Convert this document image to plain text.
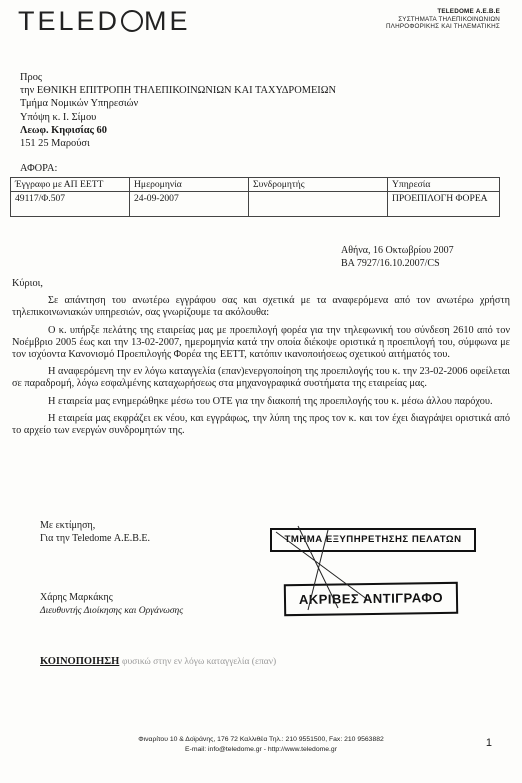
TELED ME	TELEDOME Α.Ε.Β.Ε
ΣΥΣΤΗΜΑΤΑ ΤΗΛΕΠΙΚΟΙΝΩΝΙΩΝ
ΠΛΗΡΟΦΟΡΙΚΗΣ ΚΑΙ ΤΗΛΕΜΑΤΙΚΗΣ
Προς
την ΕΘΝΙΚΗ ΕΠΙΤΡΟΠΗ ΤΗΛΕΠΙΚΟΙΝΩΝΙΩΝ ΚΑΙ ΤΑΧΥΔΡΟΜΕΙΩΝ
Τμήμα Νομικών Υπηρεσιών
Υπόψη κ. Ι. Σίμου
Λεωφ. Κηφισίας 60
151 25 Μαρούσι
ΑΦΟΡΑ:
Έγγραφο με ΑΠ ΕΕΤΤ	Ημερομηνία	Συνδρομητής	Υπηρεσία
49117/Φ.507	24-09-2007		ΠΡΟΕΠΙΛΟΓΗ ΦΟΡΕΑ
Αθήνα, 16 Οκτωβρίου 2007
ΒΑ 7927/16.10.2007/CS

Κύριοι,

Σε απάντηση του ανωτέρω εγγράφου σας και σχετικά με τα αναφερόμενα από τον ανωτέρω χρήστη τηλεπικοινωνιακών υπηρεσιών, σας γνωρίζουμε τα ακόλουθα:

Ο κ. υπήρξε πελάτης της εταιρείας μας με προεπιλογή φορέα για την τηλεφωνική του σύνδεση 2610 από τον Νοέμβριο 2005 έως και την 13-02-2007, ημερομηνία κατά την οποία διέκοψε οριστικά η προεπιλογή του, σύμφωνα με τον ισχύοντα Κανονισμό Προεπιλογής Φορέα της ΕΕΤΤ, κατόπιν ικανοποιήσεως σχετικού αιτήματός του.

Η αναφερόμενη την εν λόγω καταγγελία (επαν)ενεργοποίηση της προεπιλογής του κ. την 23-02-2006 οφείλεται σε παραδρομή, λόγω εσφαλμένης καταχωρήσεως στα μηχανογραφικά συστήματα της εταιρείας μας.

Η εταιρεία μας ενημερώθηκε μέσω του ΟΤΕ για την διακοπή της προεπιλογής του κ. μέσω άλλου παρόχου.

Η εταιρεία μας εκφράζει εκ νέου, και εγγράφως, την λύπη της προς τον κ. και τον έχει διαγράψει οριστικά από το αρχείο των ενεργών συνδρομητών της.

Με εκτίμηση,
Για την Teledome Α.Ε.Β.Ε.
Χάρης Μαρκάκης
Διευθυντής Διοίκησης και Οργάνωσης
ΤΜΗΜΑ ΕΞΥΠΗΡΕΤΗΣΗΣ ΠΕΛΑΤΩΝ
ΑΚΡΙΒΕΣ ΑΝΤΙΓΡΑΦΟ
ΚΟΙΝΟΠΟΙΗΣΗ φυσικώ στην εν λόγω καταγγελία (επαν)
Φιναρίτου 10 & Δοϊράνης, 176 72 Καλλιθέα Τηλ.: 210 9551500, Fax: 210 9563882
E-mail: info@teledome.gr - http://www.teledome.gr
1
